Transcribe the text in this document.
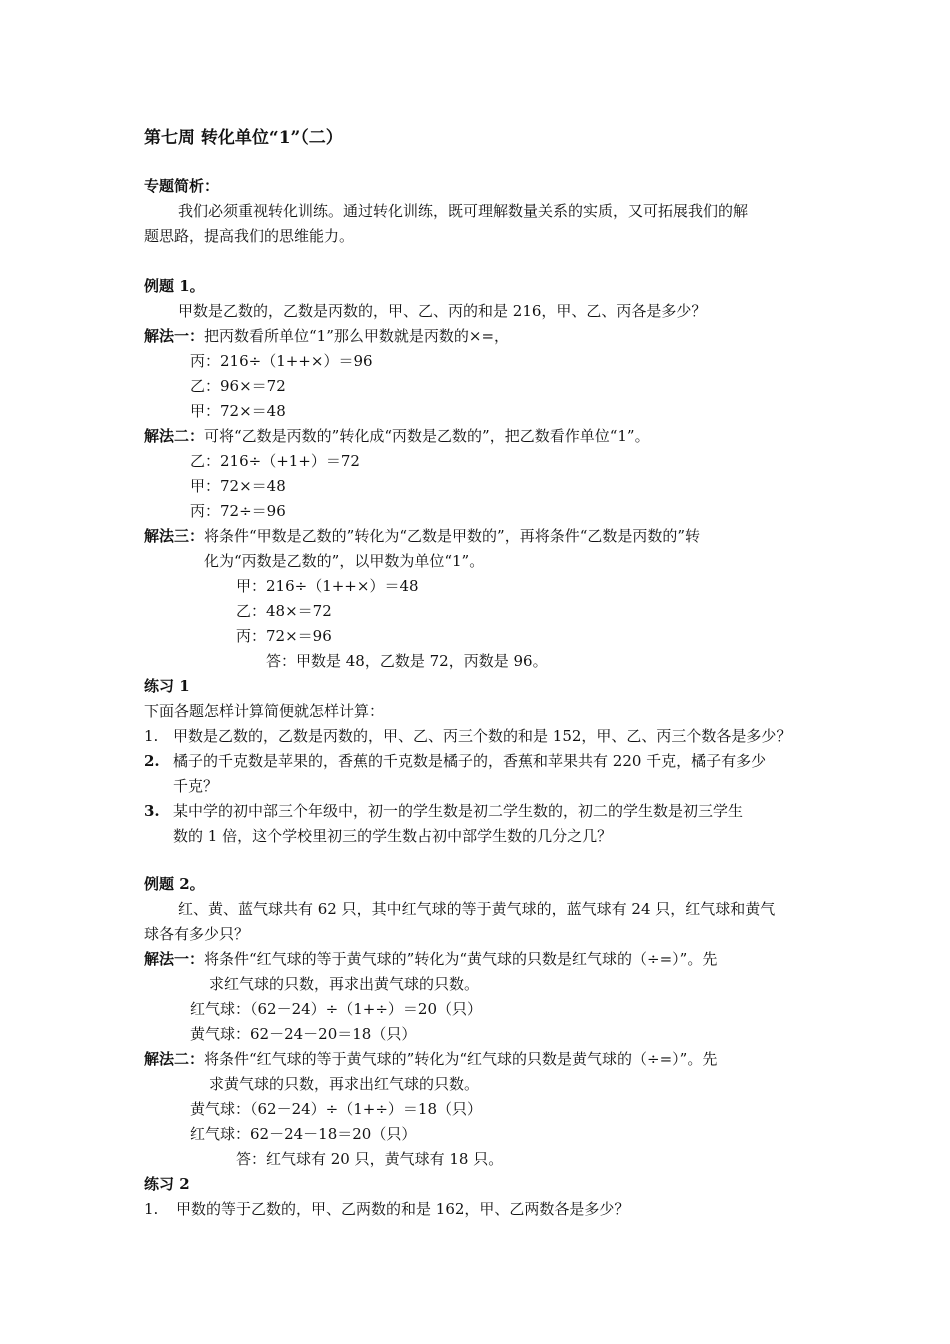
第七周 转化单位“1”（二）
专题简析：
我们必须重视转化训练。通过转化训练，既可理解数量关系的实质，又可拓展我们的解
题思路，提高我们的思维能力。
例题 1。
甲数是乙数的，乙数是丙数的，甲、乙、丙的和是 216，甲、乙、丙各是多少？
解法一：把丙数看所单位“1”那么甲数就是丙数的×=，
丙：216÷（1++×）＝96
乙：96×＝72
甲：72×＝48
解法二：可将“乙数是丙数的”转化成“丙数是乙数的”，把乙数看作单位“1”。
乙：216÷（+1+）＝72
甲：72×＝48
丙：72÷＝96
解法三：将条件“甲数是乙数的”转化为“乙数是甲数的”，再将条件“乙数是丙数的”转
化为“丙数是乙数的”，以甲数为单位“1”。
甲：216÷（1++×）＝48
乙：48×＝72
丙：72×＝96
答：甲数是 48，乙数是 72，丙数是 96。
练习 1
下面各题怎样计算简便就怎样计算：
1. 甲数是乙数的，乙数是丙数的，甲、乙、丙三个数的和是 152，甲、乙、丙三个数各是多少？
2. 橘子的千克数是苹果的，香蕉的千克数是橘子的，香蕉和苹果共有 220 千克，橘子有多少
千克？
3. 某中学的初中部三个年级中，初一的学生数是初二学生数的，初二的学生数是初三学生
数的 1 倍，这个学校里初三的学生数占初中部学生数的几分之几？
例题 2。
红、黄、蓝气球共有 62 只，其中红气球的等于黄气球的，蓝气球有 24 只，红气球和黄气
球各有多少只？
解法一：将条件“红气球的等于黄气球的”转化为“黄气球的只数是红气球的（÷=）”。先
求红气球的只数，再求出黄气球的只数。
红气球：（62－24）÷（1+÷）＝20（只）
黄气球：62－24－20＝18（只）
解法二：将条件“红气球的等于黄气球的”转化为“红气球的只数是黄气球的（÷=）”。先
求黄气球的只数，再求出红气球的只数。
黄气球：（62－24）÷（1+÷）＝18（只）
红气球：62－24－18＝20（只）
答：红气球有 20 只，黄气球有 18 只。
练习 2
1. 甲数的等于乙数的，甲、乙两数的和是 162，甲、乙两数各是多少？
